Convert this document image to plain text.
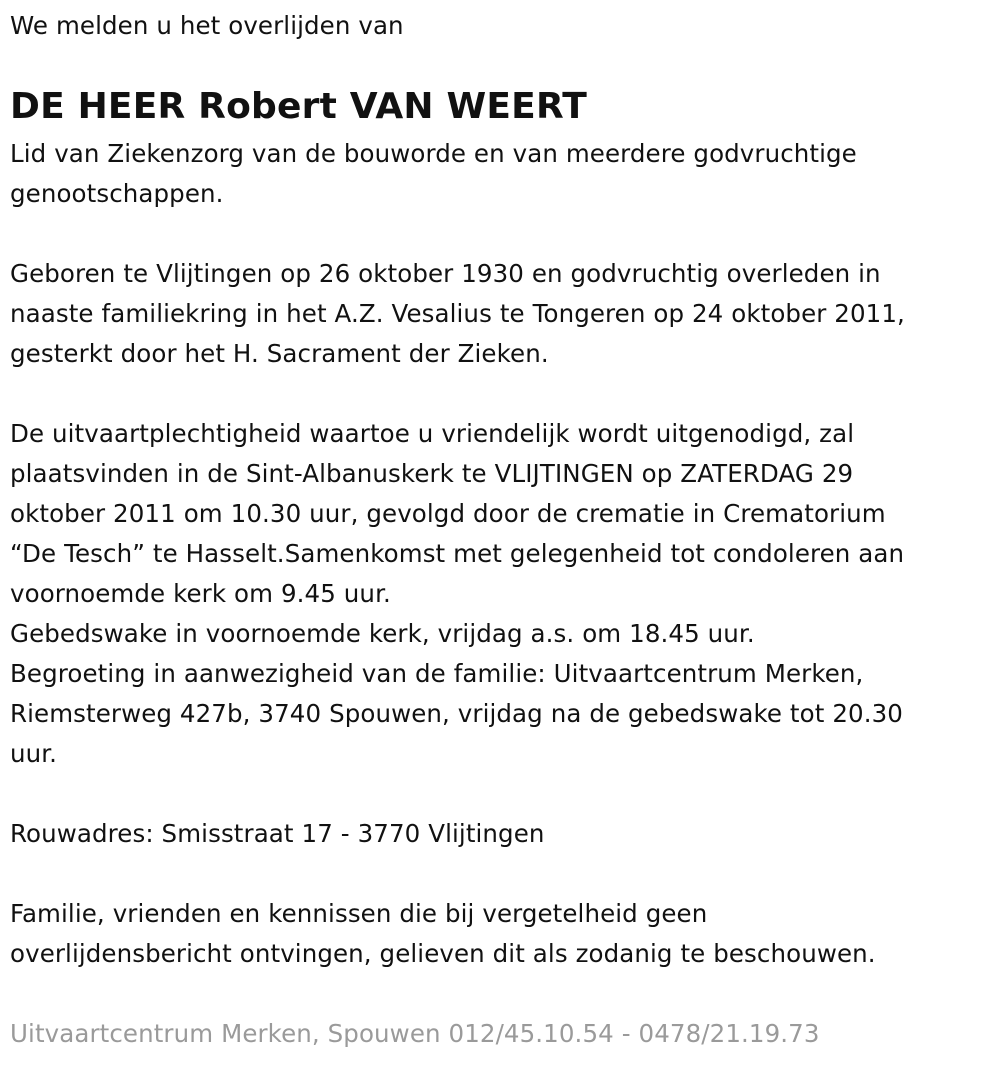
We melden u het overlijden van

DE HEER Robert VAN WEERT

Lid van Ziekenzorg van de bouworde en van meerdere godvruchtige

genootschappen.

Geboren te Vlijtingen op 26 oktober 1930 en godvruchtig overleden in

naaste familiekring in het A.Z. Vesalius te Tongeren op 24 oktober 2011,

gesterkt door het H. Sacrament der Zieken.

De uitvaartplechtigheid waartoe u vriendelijk wordt uitgenodigd, zal

plaatsvinden in de Sint-Albanuskerk te VLIJTINGEN op ZATERDAG 29

oktober 2011 om 10.30 uur, gevolgd door de crematie in Crematorium

“De Tesch” te Hasselt.Samenkomst met gelegenheid tot condoleren aan

voornoemde kerk om 9.45 uur.

Gebedswake in voornoemde kerk, vrijdag a.s. om 18.45 uur.

Begroeting in aanwezigheid van de familie: Uitvaartcentrum Merken,

Riemsterweg 427b, 3740 Spouwen, vrijdag na de gebedswake tot 20.30

uur.

Rouwadres: Smisstraat 17 - 3770 Vlijtingen

Familie, vrienden en kennissen die bij vergetelheid geen

overlijdensbericht ontvingen, gelieven dit als zodanig te beschouwen.

Uitvaartcentrum Merken, Spouwen 012/45.10.54 - 0478/21.19.73
